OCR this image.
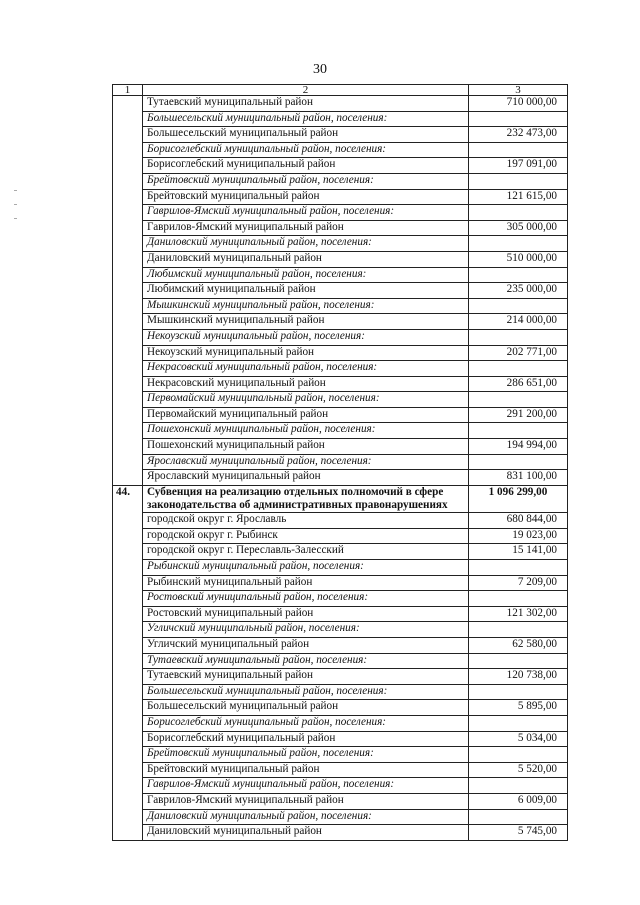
30
1	2	3
	Тутаевский муниципальный район	710 000,00
	Большесельский муниципальный район, поселения:	
	Большесельский муниципальный район	232 473,00
	Борисоглебский муниципальный район, поселения:	
	Борисоглебский муниципальный район	197 091,00
	Брейтовский муниципальный район, поселения:	
	Брейтовский муниципальный район	121 615,00
	Гаврилов-Ямский муниципальный район, поселения:	
	Гаврилов-Ямский муниципальный район	305 000,00
	Даниловский муниципальный район, поселения:	
	Даниловский муниципальный район	510 000,00
	Любимский муниципальный район, поселения:	
	Любимский муниципальный район	235 000,00
	Мышкинский муниципальный район, поселения:	
	Мышкинский муниципальный район	214 000,00
	Некоузский муниципальный район, поселения:	
	Некоузский муниципальный район	202 771,00
	Некрасовский муниципальный район, поселения:	
	Некрасовский муниципальный район	286 651,00
	Первомайский муниципальный район, поселения:	
	Первомайский муниципальный район	291 200,00
	Пошехонский муниципальный район, поселения:	
	Пошехонский муниципальный район	194 994,00
	Ярославский муниципальный район, поселения:	
	Ярославский муниципальный район	831 100,00
44.	Субвенция на реализацию отдельных полномочий в сфере законодательства об административных правонарушениях	1 096 299,00
	городской округ г. Ярославль	680 844,00
	городской округ г. Рыбинск	19 023,00
	городской округ г. Переславль-Залесский	15 141,00
	Рыбинский муниципальный район, поселения:	
	Рыбинский муниципальный район	7 209,00
	Ростовский муниципальный район, поселения:	
	Ростовский муниципальный район	121 302,00
	Угличский муниципальный район, поселения:	
	Угличский муниципальный район	62 580,00
	Тутаевский муниципальный район, поселения:	
	Тутаевский муниципальный район	120 738,00
	Большесельский муниципальный район, поселения:	
	Большесельский муниципальный район	5 895,00
	Борисоглебский муниципальный район, поселения:	
	Борисоглебский муниципальный район	5 034,00
	Брейтовский муниципальный район, поселения:	
	Брейтовский муниципальный район	5 520,00
	Гаврилов-Ямский муниципальный район, поселения:	
	Гаврилов-Ямский муниципальный район	6 009,00
	Даниловский муниципальный район, поселения:	
	Даниловский муниципальный район	5 745,00
